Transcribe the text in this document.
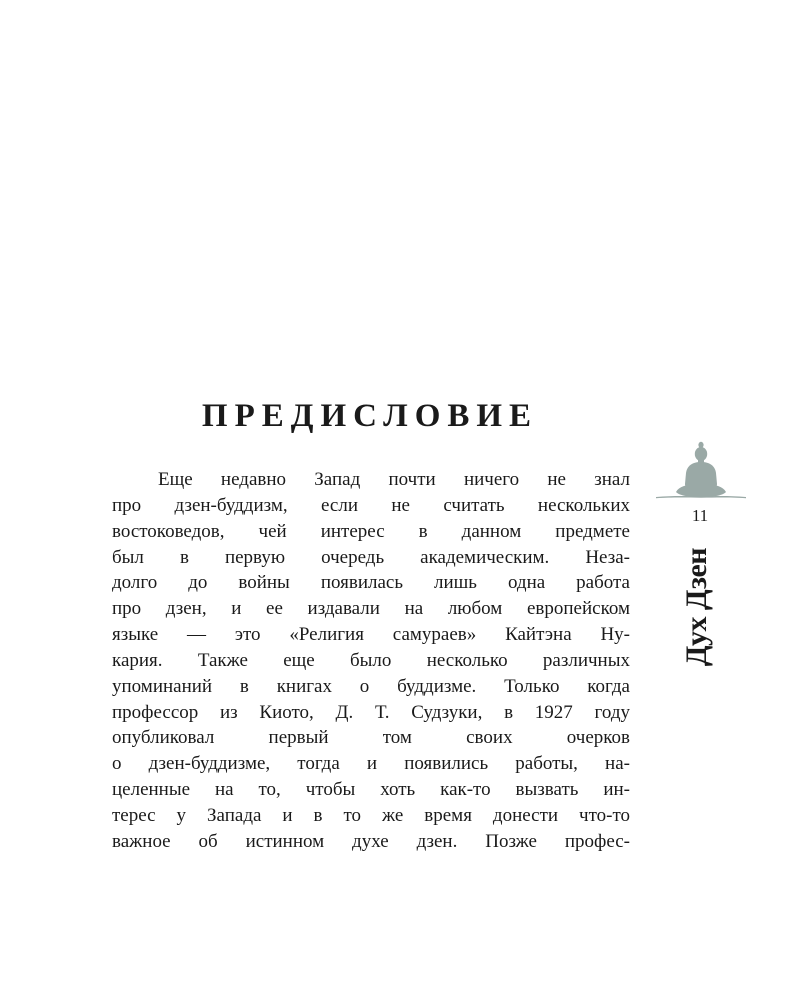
ПРЕДИСЛОВИЕ
Еще недавно Запад почти ничего не знал
про дзен-буддизм, если не считать нескольких
востоковедов, чей интерес в данном предмете
был в первую очередь академическим. Неза-
долго до войны появилась лишь одна работа
про дзен, и ее издавали на любом европейском
языке — это «Религия самураев» Кайтэна Ну-
кария. Также еще было несколько различных
упоминаний в книгах о буддизме. Только когда
профессор из Киото, Д. Т. Судзуки, в 1927 году
опубликовал первый том своих очерков
о дзен-буддизме, тогда и появились работы, на-
целенные на то, чтобы хоть как-то вызвать ин-
терес у Запада и в то же время донести что-то
важное об истинном духе дзен. Позже профес-
11
Дух Дзен
